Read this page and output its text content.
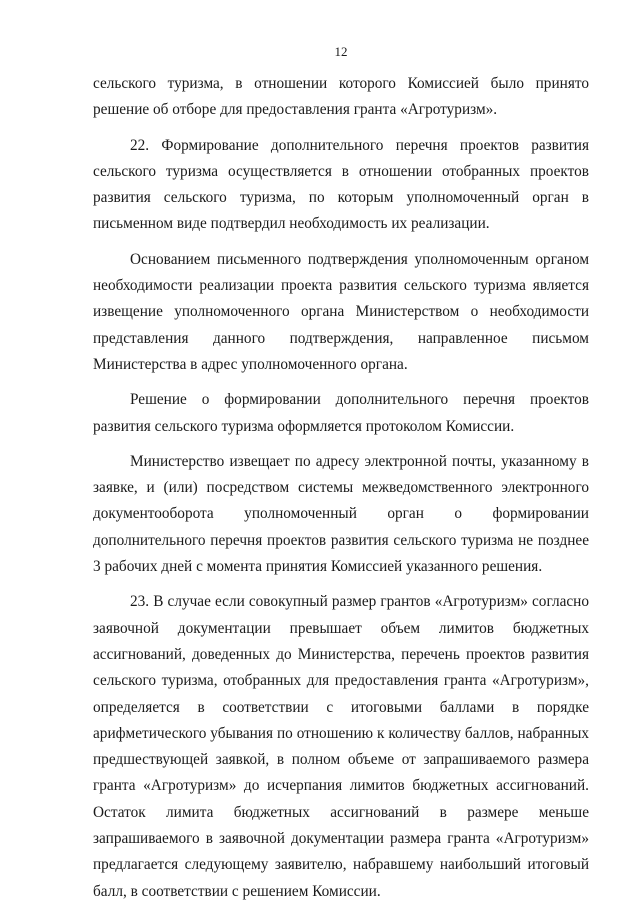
12

сельского туризма, в отношении которого Комиссией было принято решение об отборе для предоставления гранта «Агротуризм».

22. Формирование дополнительного перечня проектов развития сельского туризма осуществляется в отношении отобранных проектов развития сельского туризма, по которым уполномоченный орган в письменном виде подтвердил необходимость их реализации.

Основанием письменного подтверждения уполномоченным органом необходимости реализации проекта развития сельского туризма является извещение уполномоченного органа Министерством о необходимости представления данного подтверждения, направленное письмом Министерства в адрес уполномоченного органа.

Решение о формировании дополнительного перечня проектов развития сельского туризма оформляется протоколом Комиссии.

Министерство извещает по адресу электронной почты, указанному в заявке, и (или) посредством системы межведомственного электронного документооборота уполномоченный орган о формировании дополнительного перечня проектов развития сельского туризма не позднее 3 рабочих дней с момента принятия Комиссией указанного решения.

23. В случае если совокупный размер грантов «Агротуризм» согласно заявочной документации превышает объем лимитов бюджетных ассигнований, доведенных до Министерства, перечень проектов развития сельского туризма, отобранных для предоставления гранта «Агротуризм», определяется в соответствии с итоговыми баллами в порядке арифметического убывания по отношению к количеству баллов, набранных предшествующей заявкой, в полном объеме от запрашиваемого размера гранта «Агротуризм» до исчерпания лимитов бюджетных ассигнований. Остаток лимита бюджетных ассигнований в размере меньше запрашиваемого в заявочной документации размера гранта «Агротуризм» предлагается следующему заявителю, набравшему наибольший итоговый балл, в соответствии с решением Комиссии.
